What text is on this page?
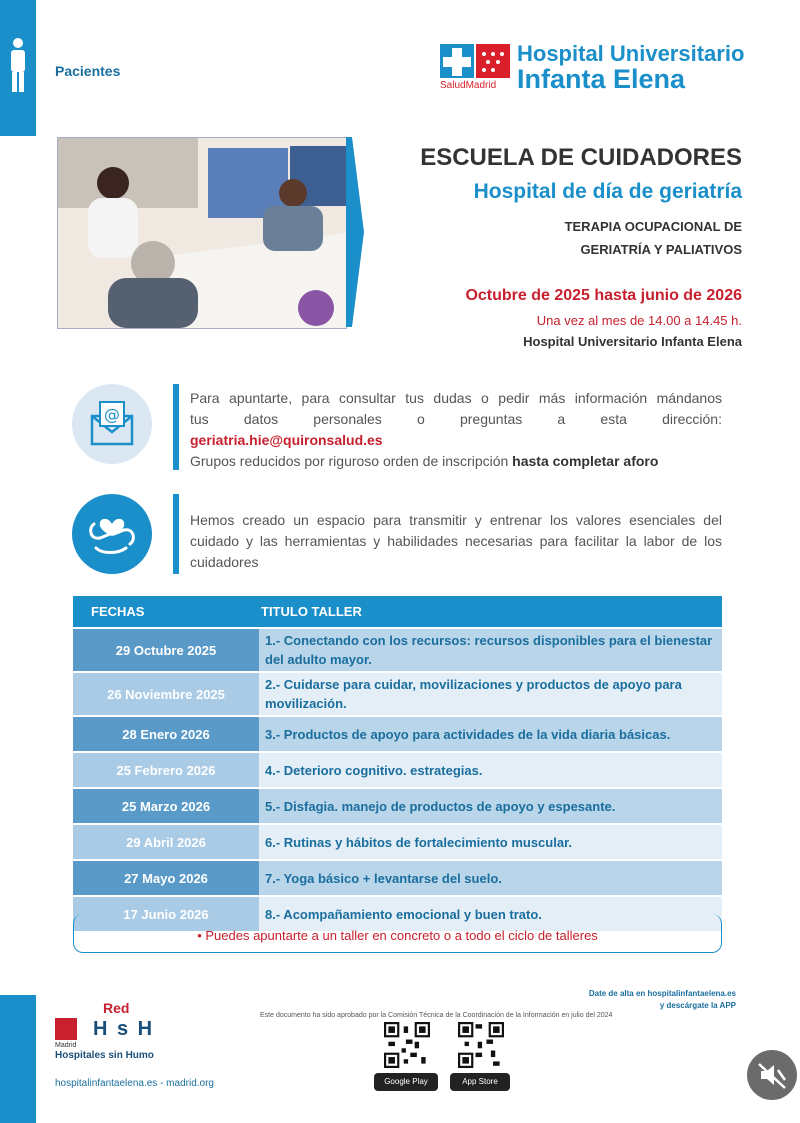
Pacientes
SaludMadrid
Hospital Universitario
Infanta Elena
ESCUELA DE CUIDADORES
Hospital de día de geriatría
TERAPIA OCUPACIONAL DE
GERIATRÍA Y PALIATIVOS
Octubre de 2025 hasta junio de 2026
Una vez al mes de 14.00 a 14.45 h.
Hospital Universitario Infanta Elena
@
Para apuntarte, para consultar tus dudas o pedir más información mándanos
tus datos personales o preguntas a esta dirección:
geriatria.hie@quironsalud.es
Grupos reducidos por riguroso orden de inscripción hasta completar aforo
Hemos creado un espacio para transmitir y entrenar los valores esenciales del cuidado y las herramientas y habilidades necesarias para facilitar la labor de los cuidadores
FECHAS	TITULO TALLER
29 Octubre 2025	1.- Conectando con los recursos: recursos disponibles para el bienestar del adulto mayor.

26 Noviembre 2025	2.- Cuidarse para cuidar, movilizaciones y productos de apoyo para movilización.

28 Enero 2026	3.- Productos de apoyo para actividades de la vida diaria básicas.

25 Febrero 2026	4.- Deterioro cognitivo. estrategias.

25 Marzo 2026	5.- Disfagia. manejo de productos de apoyo y espesante.

29 Abril 2026	6.- Rutinas y hábitos de fortalecimiento muscular.

27 Mayo 2026	7.- Yoga básico + levantarse del suelo.

17 Junio 2026	8.- Acompañamiento emocional y buen trato.
• Puedes apuntarte a un taller en concreto o a todo el ciclo de talleres
Date de alta en hospitalinfantaelena.es
y descárgate la APP
Este documento ha sido aprobado por la Comisión Técnica de la Coordinación de la Información en julio del 2024
Red
H s H
Madrid
Hospitales sin Humo
hospitalinfantaelena.es - madrid.org	Google Play	App Store
